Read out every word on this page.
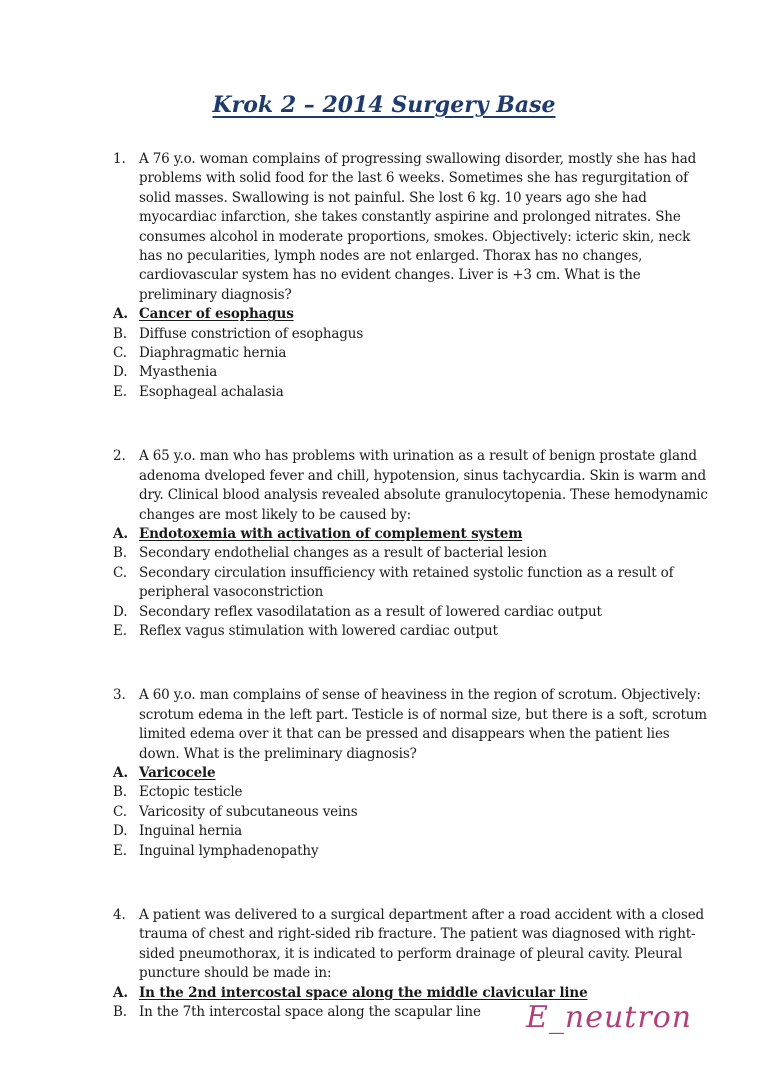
Krok 2 – 2014 Surgery Base
1. A 76 y.o. woman complains of progressing swallowing disorder, mostly she has had problems with solid food for the last 6 weeks. Sometimes she has regurgitation of solid masses. Swallowing is not painful. She lost 6 kg. 10 years ago she had myocardiac infarction, she takes constantly aspirine and prolonged nitrates. She consumes alcohol in moderate proportions, smokes. Objectively: icteric skin, neck has no pecularities, lymph nodes are not enlarged. Thorax has no changes, cardiovascular system has no evident changes. Liver is +3 cm. What is the preliminary diagnosis?
A. Cancer of esophagus
B. Diffuse constriction of esophagus
C. Diaphragmatic hernia
D. Myasthenia
E. Esophageal achalasia
2. A 65 y.o. man who has problems with urination as a result of benign prostate gland adenoma dveloped fever and chill, hypotension, sinus tachycardia. Skin is warm and dry. Clinical blood analysis revealed absolute granulocytopenia. These hemodynamic changes are most likely to be caused by:
A. Endotoxemia with activation of complement system
B. Secondary endothelial changes as a result of bacterial lesion
C. Secondary circulation insufficiency with retained systolic function as a result of peripheral vasoconstriction
D. Secondary reflex vasodilatation as a result of lowered cardiac output
E. Reflex vagus stimulation with lowered cardiac output
3. A 60 y.o. man complains of sense of heaviness in the region of scrotum. Objectively: scrotum edema in the left part. Testicle is of normal size, but there is a soft, scrotum limited edema over it that can be pressed and disappears when the patient lies down. What is the preliminary diagnosis?
A. Varicocele
B. Ectopic testicle
C. Varicosity of subcutaneous veins
D. Inguinal hernia
E. Inguinal lymphadenopathy
4. A patient was delivered to a surgical department after a road accident with a closed trauma of chest and right-sided rib fracture. The patient was diagnosed with right-sided pneumothorax, it is indicated to perform drainage of pleural cavity. Pleural puncture should be made in:
A. In the 2nd intercostal space along the middle clavicular line
B. In the 7th intercostal space along the scapular line	E_neutron
